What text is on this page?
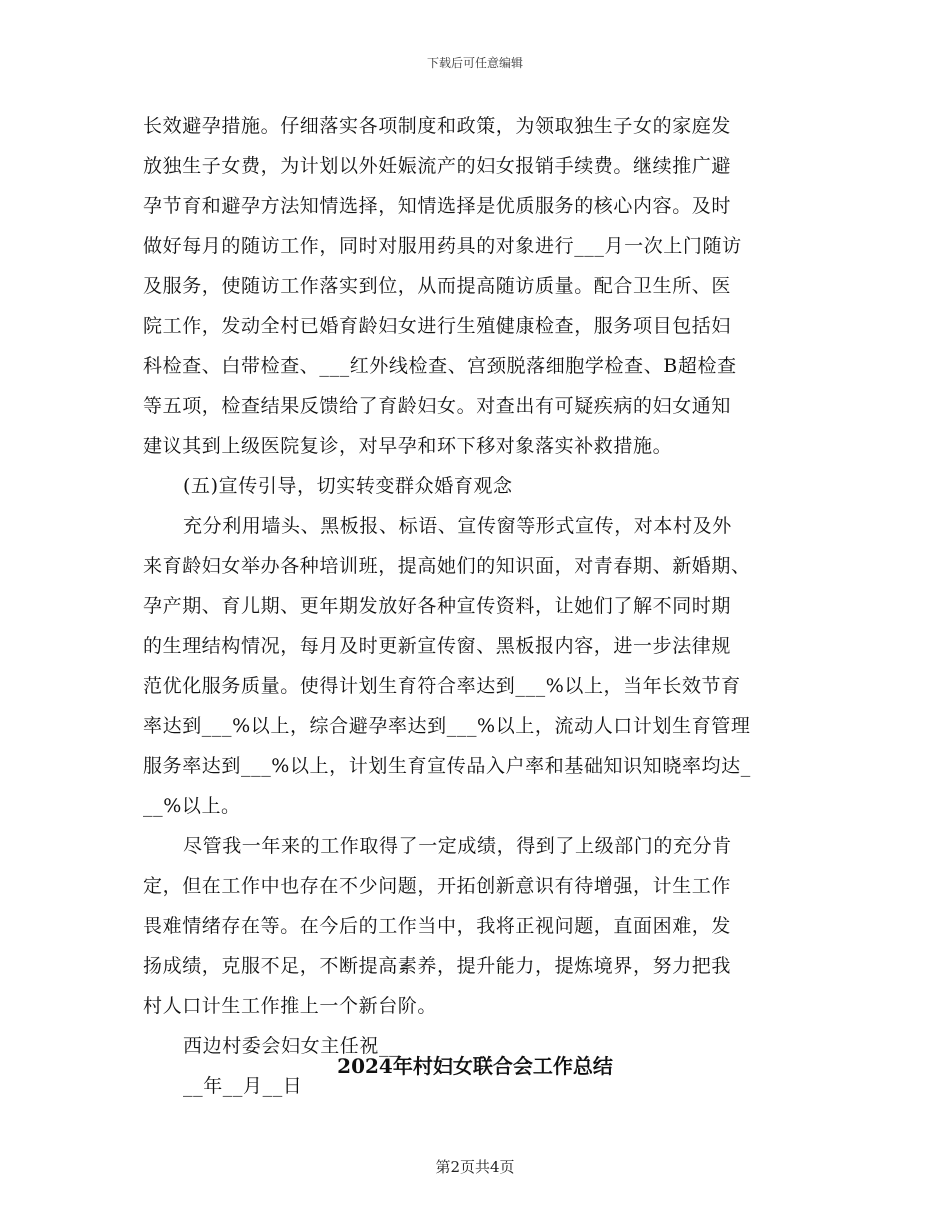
下载后可任意编辑
长效避孕措施。仔细落实各项制度和政策，为领取独生子女的家庭发
放独生子女费，为计划以外妊娠流产的妇女报销手续费。继续推广避
孕节育和避孕方法知情选择，知情选择是优质服务的核心内容。及时
做好每月的随访工作，同时对服用药具的对象进行___月一次上门随访
及服务，使随访工作落实到位，从而提高随访质量。配合卫生所、医
院工作，发动全村已婚育龄妇女进行生殖健康检查，服务项目包括妇
科检查、白带检查、___红外线检查、宫颈脱落细胞学检查、B超检查
等五项，检查结果反馈给了育龄妇女。对查出有可疑疾病的妇女通知
建议其到上级医院复诊，对早孕和环下移对象落实补救措施。
(五)宣传引导，切实转变群众婚育观念
充分利用墙头、黑板报、标语、宣传窗等形式宣传，对本村及外
来育龄妇女举办各种培训班，提高她们的知识面，对青春期、新婚期、
孕产期、育儿期、更年期发放好各种宣传资料，让她们了解不同时期
的生理结构情况，每月及时更新宣传窗、黑板报内容，进一步法律规
范优化服务质量。使得计划生育符合率达到___%以上，当年长效节育
率达到___%以上，综合避孕率达到___%以上，流动人口计划生育管理
服务率达到___%以上，计划生育宣传品入户率和基础知识知晓率均达_
__%以上。
尽管我一年来的工作取得了一定成绩，得到了上级部门的充分肯
定，但在工作中也存在不少问题，开拓创新意识有待增强，计生工作
畏难情绪存在等。在今后的工作当中，我将正视问题，直面困难，发
扬成绩，克服不足，不断提高素养，提升能力，提炼境界，努力把我
村人口计生工作推上一个新台阶。
西边村委会妇女主任祝__
__年__月__日
2024年村妇女联合会工作总结
第2页共4页
